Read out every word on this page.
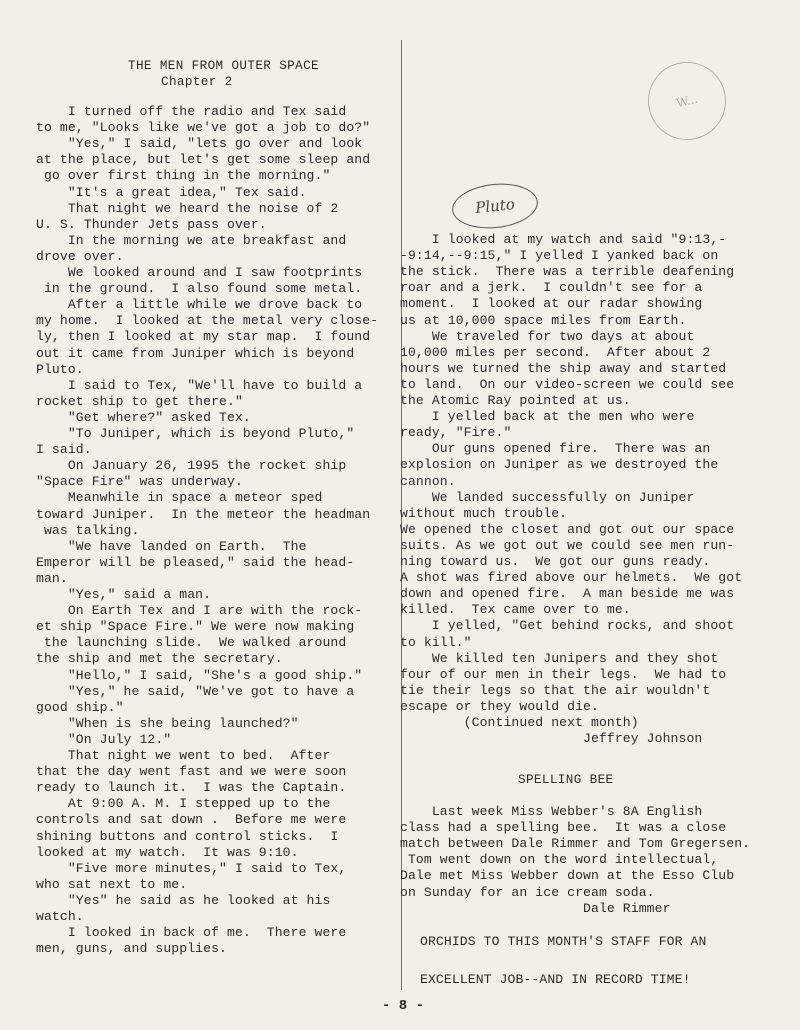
W...
Pluto
THE MEN FROM OUTER SPACE
Chapter 2
I turned off the radio and Tex said
to me, "Looks like we've got a job to do?"
"Yes," I said, "lets go over and look
at the place, but let's get some sleep and
go over first thing in the morning."
"It's a great idea," Tex said.
That night we heard the noise of 2
U. S. Thunder Jets pass over.
In the morning we ate breakfast and
drove over.
We looked around and I saw footprints
in the ground.  I also found some metal.
After a little while we drove back to
my home.  I looked at the metal very close-
ly, then I looked at my star map.  I found
out it came from Juniper which is beyond
Pluto.
I said to Tex, "We'll have to build a
rocket ship to get there."
"Get where?" asked Tex.
"To Juniper, which is beyond Pluto,"
I said.
On January 26, 1995 the rocket ship
"Space Fire" was underway.
Meanwhile in space a meteor sped
toward Juniper.  In the meteor the headman
was talking.
"We have landed on Earth.  The
Emperor will be pleased," said the head-
man.
"Yes," said a man.
On Earth Tex and I are with the rock-
et ship "Space Fire." We were now making
the launching slide.  We walked around
the ship and met the secretary.
"Hello," I said, "She's a good ship."
"Yes," he said, "We've got to have a
good ship."
"When is she being launched?"
"On July 12."
That night we went to bed.  After
that the day went fast and we were soon
ready to launch it.  I was the Captain.
At 9:00 A. M. I stepped up to the
controls and sat down .  Before me were
shining buttons and control sticks.  I
looked at my watch.  It was 9:10.
"Five more minutes," I said to Tex,
who sat next to me.
"Yes" he said as he looked at his
watch.
I looked in back of me.  There were
men, guns, and supplies.
I looked at my watch and said "9:13,-
-9:14,--9:15," I yelled I yanked back on
the stick.  There was a terrible deafening
roar and a jerk.  I couldn't see for a
moment.  I looked at our radar showing
us at 10,000 space miles from Earth.
We traveled for two days at about
10,000 miles per second.  After about 2
hours we turned the ship away and started
to land.  On our video-screen we could see
the Atomic Ray pointed at us.
I yelled back at the men who were
ready, "Fire."
Our guns opened fire.  There was an
explosion on Juniper as we destroyed the
cannon.
We landed successfully on Juniper
without much trouble.
We opened the closet and got out our space
suits. As we got out we could see men run-
ning toward us.  We got our guns ready.
A shot was fired above our helmets.  We got
down and opened fire.  A man beside me was
killed.  Tex came over to me.
I yelled, "Get behind rocks, and shoot
to kill."
We killed ten Junipers and they shot
four of our men in their legs.  We had to
tie their legs so that the air wouldn't
escape or they would die.
(Continued next month)
Jeffrey Johnson
SPELLING BEE
Last week Miss Webber's 8A English
class had a spelling bee.  It was a close
match between Dale Rimmer and Tom Gregersen.
Tom went down on the word intellectual,
Dale met Miss Webber down at the Esso Club
on Sunday for an ice cream soda.
Dale Rimmer
ORCHIDS TO THIS MONTH'S STAFF FOR AN
EXCELLENT JOB--AND IN RECORD TIME!
- 8 -
